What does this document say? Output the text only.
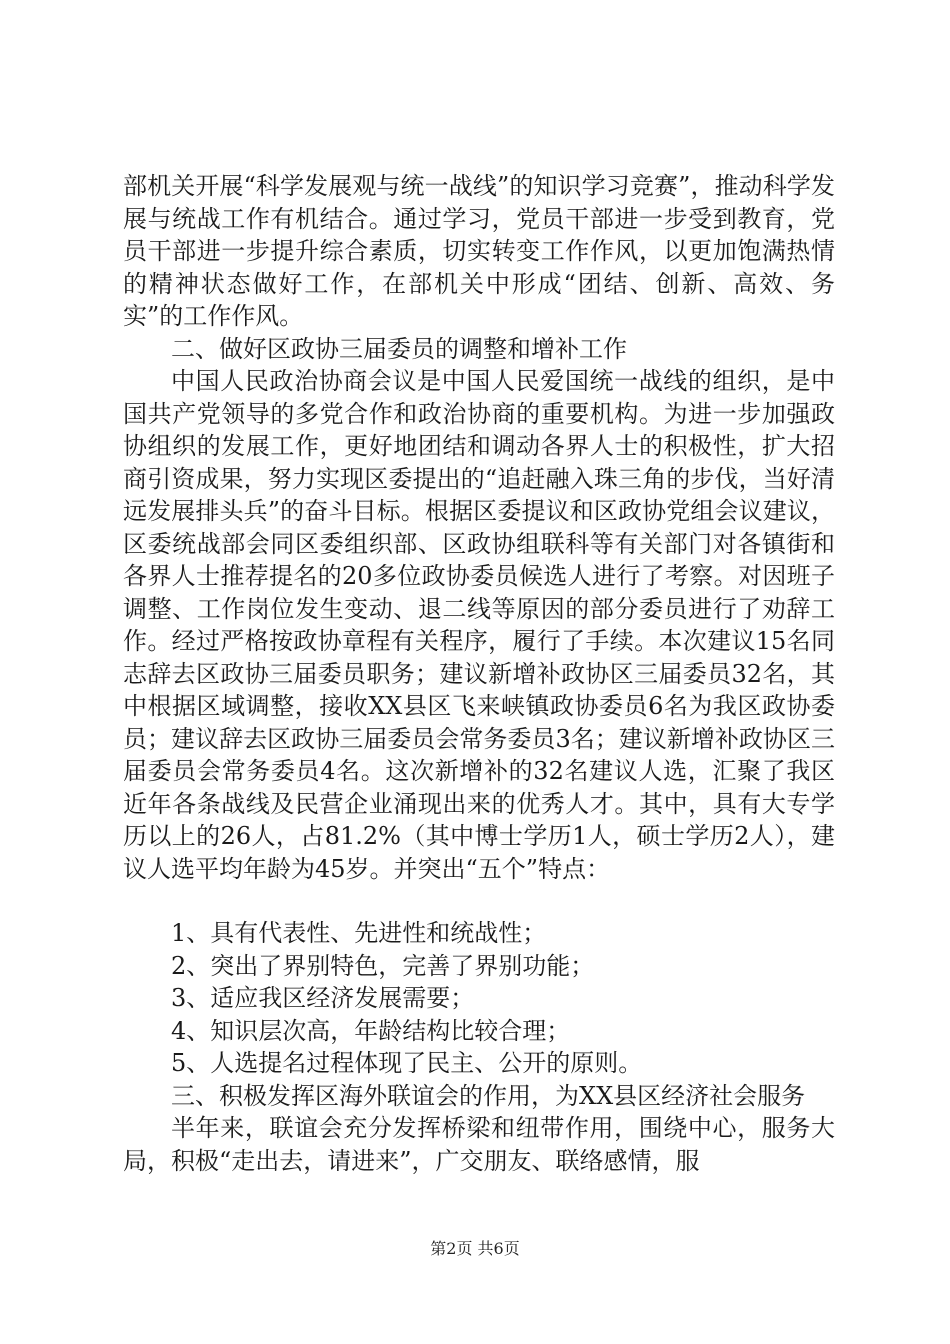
部机关开展“科学发展观与统一战线”的知识学习竞赛”，推动科学发展与统战工作有机结合。通过学习，党员干部进一步受到教育，党员干部进一步提升综合素质，切实转变工作作风，以更加饱满热情的精神状态做好工作，在部机关中形成“团结、创新、高效、务实”的工作作风。

二、做好区政协三届委员的调整和增补工作

中国人民政治协商会议是中国人民爱国统一战线的组织，是中国共产党领导的多党合作和政治协商的重要机构。为进一步加强政协组织的发展工作，更好地团结和调动各界人士的积极性，扩大招商引资成果，努力实现区委提出的“追赶融入珠三角的步伐，当好清远发展排头兵”的奋斗目标。根据区委提议和区政协党组会议建议，区委统战部会同区委组织部、区政协组联科等有关部门对各镇街和各界人士推荐提名的20多位政协委员候选人进行了考察。对因班子调整、工作岗位发生变动、退二线等原因的部分委员进行了劝辞工作。经过严格按政协章程有关程序，履行了手续。本次建议15名同志辞去区政协三届委员职务；建议新增补政协区三届委员32名，其中根据区域调整，接收XX县区飞来峡镇政协委员6名为我区政协委员；建议辞去区政协三届委员会常务委员3名；建议新增补政协区三届委员会常务委员4名。这次新增补的32名建议人选，汇聚了我区近年各条战线及民营企业涌现出来的优秀人才。其中，具有大专学历以上的26人，占81.2%（其中博士学历1人，硕士学历2人），建议人选平均年龄为45岁。并突出“五个”特点：

1、具有代表性、先进性和统战性；

2、突出了界别特色，完善了界别功能；

3、适应我区经济发展需要；

4、知识层次高，年龄结构比较合理；

5、人选提名过程体现了民主、公开的原则。

三、积极发挥区海外联谊会的作用，为XX县区经济社会服务

半年来，联谊会充分发挥桥梁和纽带作用，围绕中心，服务大局，积极“走出去，请进来”，广交朋友、联络感情，服

第2页 共6页
